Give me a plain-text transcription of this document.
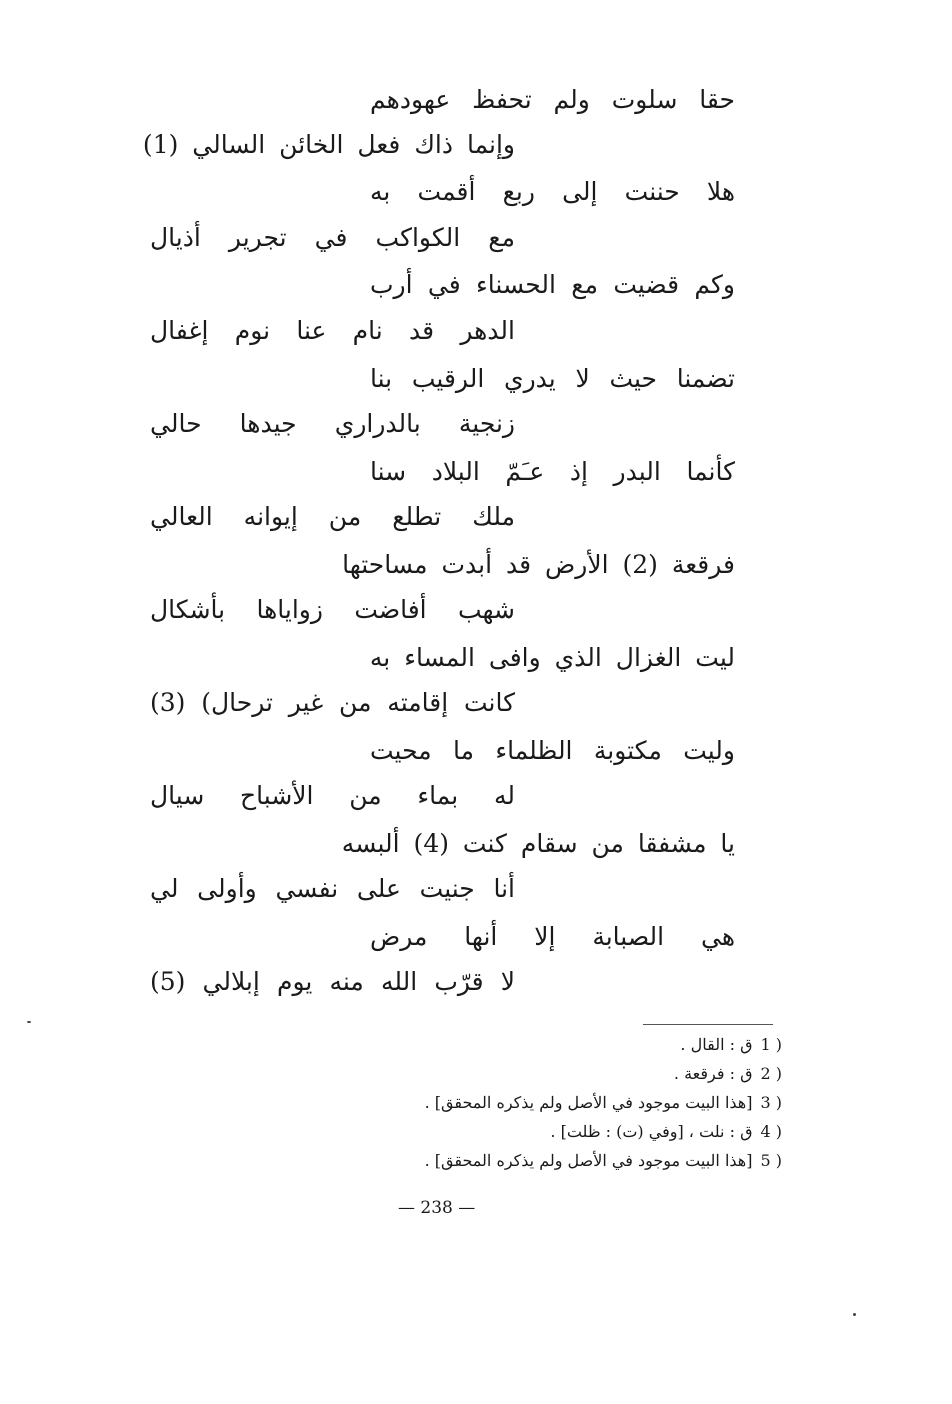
حقا سلوت ولم تحفظ عهودهم
وإنما ذاك فعل الخائن السالي (1)
هلا حننت إلى ربع أقمت به
مع الكواكب في تجرير أذيال
وكم قضيت مع الحسناء في أرب
الدهر قد نام عنا نوم إغفال
تضمنا حيث لا يدري الرقيب بنا
زنجية بالدراري جيدها حالي
كأنما البدر إذ عـَمّ البلاد سنا
ملك تطلع من إيوانه العالي
فرقعة (2) الأرض قد أبدت مساحتها
شهب أفاضت زواياها بأشكال
ليت الغزال الذي وافى المساء به
كانت إقامته من غير ترحال) (3)
وليت مكتوبة الظلماء ما محيت
له بماء من الأشباح سيال
يا مشفقا من سقام كنت (4) ألبسه
أنا جنيت على نفسي وأولى لي
هي الصبابة إلا أنها مرض
لا قرّب الله منه يوم إبلالي (5)
1 )ق : القال .
2 )ق : فرقعة .
3 )[هذا البيت موجود في الأصل ولم يذكره المحقق] .
4 )ق : نلت ، [وفي (ت) : ظلت] .
5 )[هذا البيت موجود في الأصل ولم يذكره المحقق] .
— 238 —
